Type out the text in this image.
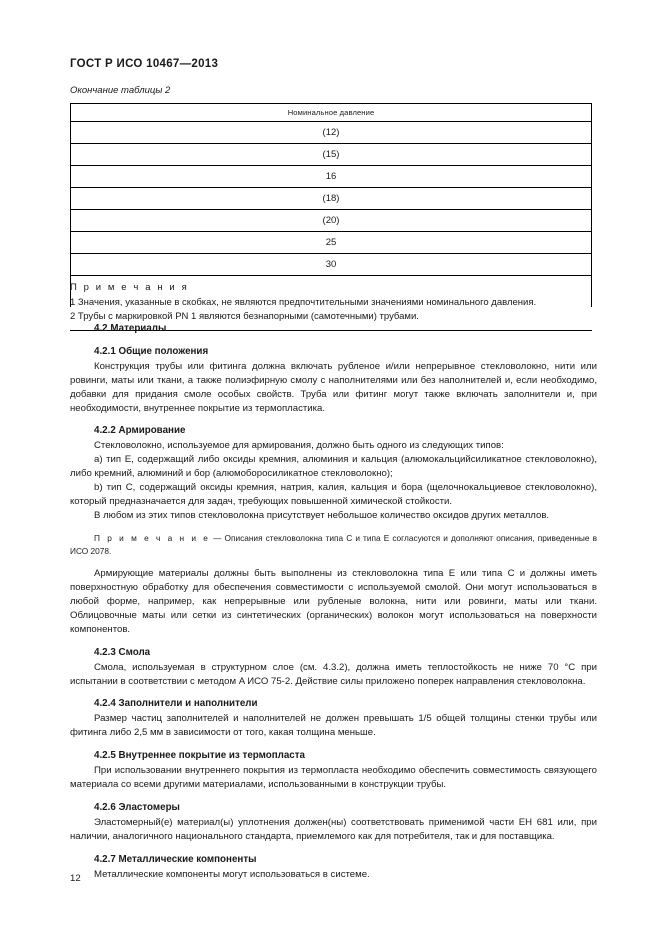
ГОСТ Р ИСО 10467—2013
Окончание таблицы 2
Номинальное давление
(12)
(15)
16
(18)
(20)
25
30

П р и м е ч а н и я
1 Значения, указанные в скобках, не являются предпочтительными значениями номинального давления.
2 Трубы с маркировкой PN 1 являются безнапорными (самотечными) трубами.
4.2 Материалы
4.2.1 Общие положения

Конструкция трубы или фитинга должна включать рубленое и/или непрерывное стекловолокно, нити или ровинги, маты или ткани, а также полиэфирную смолу с наполнителями или без наполнителей и, если необходимо, добавки для придания смоле особых свойств. Труба или фитинг могут также включать заполнители и, при необходимости, внутреннее покрытие из термопластика.

4.2.2 Армирование

Стекловолокно, используемое для армирования, должно быть одного из следующих типов:

a) тип E, содержащий либо оксиды кремния, алюминия и кальция (алюмокальцийсиликатное стекловолокно), либо кремний, алюминий и бор (алюмоборосиликатное стекловолокно);

b) тип C, содержащий оксиды кремния, натрия, калия, кальция и бора (щелочнокальциевое стекловолокно), который предназначается для задач, требующих повышенной химической стойкости.

В любом из этих типов стекловолокна присутствует небольшое количество оксидов других металлов.

П р и м е ч а н и е — Описания стекловолокна типа C и типа E согласуются и дополняют описания, приведенные в ИСО 2078.

Армирующие материалы должны быть выполнены из стекловолокна типа E или типа C и должны иметь поверхностную обработку для обеспечения совместимости с используемой смолой. Они могут использоваться в любой форме, например, как непрерывные или рубленые волокна, нити или ровинги, маты или ткани. Облицовочные маты или сетки из синтетических (органических) волокон могут использоваться на поверхности компонентов.

4.2.3 Смола

Смола, используемая в структурном слое (см. 4.3.2), должна иметь теплостойкость не ниже 70 °С при испытании в соответствии с методом A ИСО 75-2. Действие силы приложено поперек направления стекловолокна.

4.2.4 Заполнители и наполнители

Размер частиц заполнителей и наполнителей не должен превышать 1/5 общей толщины стенки трубы или фитинга либо 2,5 мм в зависимости от того, какая толщина меньше.

4.2.5 Внутреннее покрытие из термопласта

При использовании внутреннего покрытия из термопласта необходимо обеспечить совместимость связующего материала со всеми другими материалами, использованными в конструкции трубы.

4.2.6 Эластомеры

Эластомерный(е) материал(ы) уплотнения должен(ны) соответствовать применимой части ЕН 681 или, при наличии, аналогичного национального стандарта, приемлемого как для потребителя, так и для поставщика.

4.2.7 Металлические компоненты

Металлические компоненты могут использоваться в системе.

12
